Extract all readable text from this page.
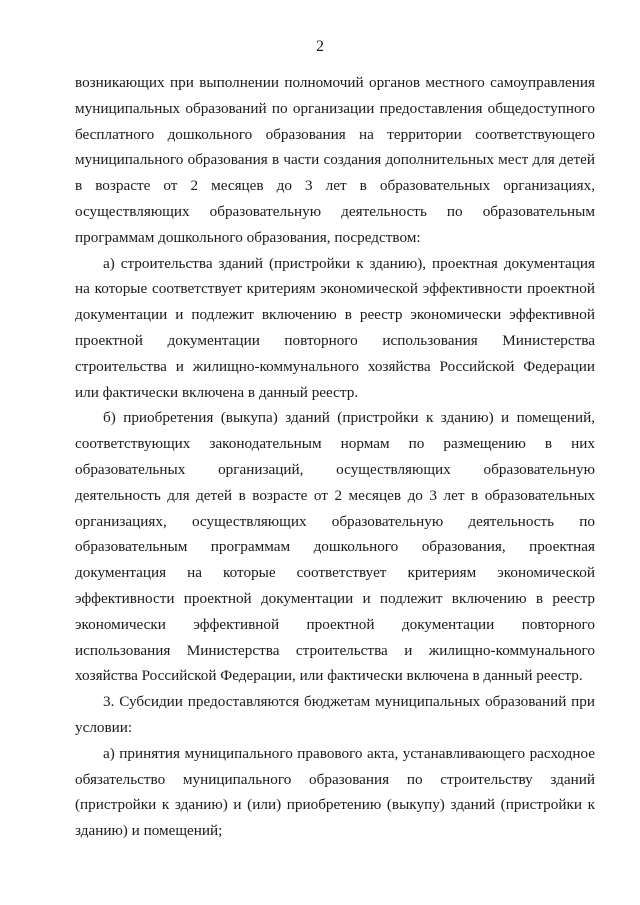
2

возникающих при выполнении полномочий органов местного самоуправления муниципальных образований по организации предоставления общедоступного бесплатного дошкольного образования на территории соответствующего муниципального образования в части создания дополнительных мест для детей в возрасте от 2 месяцев до 3 лет в образовательных организациях, осуществляющих образовательную деятельность по образовательным программам дошкольного образования, посредством:

а) строительства зданий (пристройки к зданию), проектная документация на которые соответствует критериям экономической эффективности проектной документации и подлежит включению в реестр экономически эффективной проектной документации повторного использования Министерства строительства и жилищно-коммунального хозяйства Российской Федерации или фактически включена в данный реестр.

б) приобретения (выкупа) зданий (пристройки к зданию) и помещений, соответствующих законодательным нормам по размещению в них образовательных организаций, осуществляющих образовательную деятельность для детей в возрасте от 2 месяцев до 3 лет в образовательных организациях, осуществляющих образовательную деятельность по образовательным программам дошкольного образования, проектная документация на которые соответствует критериям экономической эффективности проектной документации и подлежит включению в реестр экономически эффективной проектной документации повторного использования Министерства строительства и жилищно-коммунального хозяйства Российской Федерации, или фактически включена в данный реестр.

3. Субсидии предоставляются бюджетам муниципальных образований при условии:

а) принятия муниципального правового акта, устанавливающего расходное обязательство муниципального образования по строительству зданий (пристройки к зданию) и (или) приобретению (выкупу) зданий (пристройки к зданию) и помещений;
